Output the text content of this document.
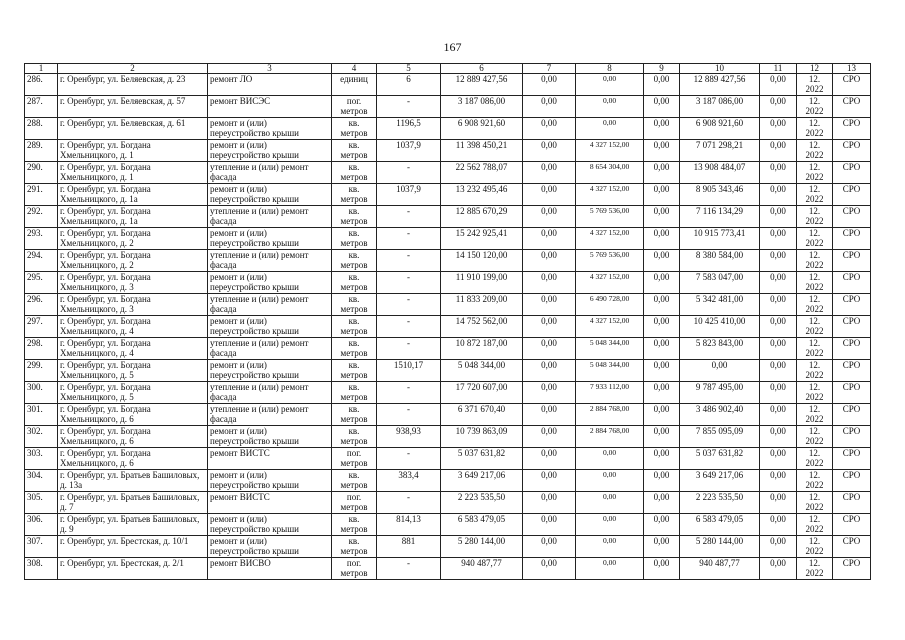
167
1	2	3	4	5	6	7	8	9	10	11	12	13
286.	г. Оренбург, ул. Беляевская, д. 23	ремонт ЛО	единиц	6	12 889 427,56	0,00	0,00	0,00	12 889 427,56	0,00	12. 2022	СРО
287.	г. Оренбург, ул. Беляевская, д. 57	ремонт ВИСЭС	пог. метров	-	3 187 086,00	0,00	0,00	0,00	3 187 086,00	0,00	12. 2022	СРО
288.	г. Оренбург, ул. Беляевская, д. 61	ремонт и (или) переустройство крыши	кв. метров	1196,5	6 908 921,60	0,00	0,00	0,00	6 908 921,60	0,00	12. 2022	СРО
289.	г. Оренбург, ул. Богдана Хмельницкого, д. 1	ремонт и (или) переустройство крыши	кв. метров	1037,9	11 398 450,21	0,00	4 327 152,00	0,00	7 071 298,21	0,00	12. 2022	СРО
290.	г. Оренбург, ул. Богдана Хмельницкого, д. 1	утепление и (или) ремонт фасада	кв. метров	-	22 562 788,07	0,00	8 654 304,00	0,00	13 908 484,07	0,00	12. 2022	СРО
291.	г. Оренбург, ул. Богдана Хмельницкого, д. 1а	ремонт и (или) переустройство крыши	кв. метров	1037,9	13 232 495,46	0,00	4 327 152,00	0,00	8 905 343,46	0,00	12. 2022	СРО
292.	г. Оренбург, ул. Богдана Хмельницкого, д. 1а	утепление и (или) ремонт фасада	кв. метров	-	12 885 670,29	0,00	5 769 536,00	0,00	7 116 134,29	0,00	12. 2022	СРО
293.	г. Оренбург, ул. Богдана Хмельницкого, д. 2	ремонт и (или) переустройство крыши	кв. метров	-	15 242 925,41	0,00	4 327 152,00	0,00	10 915 773,41	0,00	12. 2022	СРО
294.	г. Оренбург, ул. Богдана Хмельницкого, д. 2	утепление и (или) ремонт фасада	кв. метров	-	14 150 120,00	0,00	5 769 536,00	0,00	8 380 584,00	0,00	12. 2022	СРО
295.	г. Оренбург, ул. Богдана Хмельницкого, д. 3	ремонт и (или) переустройство крыши	кв. метров	-	11 910 199,00	0,00	4 327 152,00	0,00	7 583 047,00	0,00	12. 2022	СРО
296.	г. Оренбург, ул. Богдана Хмельницкого, д. 3	утепление и (или) ремонт фасада	кв. метров	-	11 833 209,00	0,00	6 490 728,00	0,00	5 342 481,00	0,00	12. 2022	СРО
297.	г. Оренбург, ул. Богдана Хмельницкого, д. 4	ремонт и (или) переустройство крыши	кв. метров	-	14 752 562,00	0,00	4 327 152,00	0,00	10 425 410,00	0,00	12. 2022	СРО
298.	г. Оренбург, ул. Богдана Хмельницкого, д. 4	утепление и (или) ремонт фасада	кв. метров	-	10 872 187,00	0,00	5 048 344,00	0,00	5 823 843,00	0,00	12. 2022	СРО
299.	г. Оренбург, ул. Богдана Хмельницкого, д. 5	ремонт и (или) переустройство крыши	кв. метров	1510,17	5 048 344,00	0,00	5 048 344,00	0,00	0,00	0,00	12. 2022	СРО
300.	г. Оренбург, ул. Богдана Хмельницкого, д. 5	утепление и (или) ремонт фасада	кв. метров	-	17 720 607,00	0,00	7 933 112,00	0,00	9 787 495,00	0,00	12. 2022	СРО
301.	г. Оренбург, ул. Богдана Хмельницкого, д. 6	утепление и (или) ремонт фасада	кв. метров	-	6 371 670,40	0,00	2 884 768,00	0,00	3 486 902,40	0,00	12. 2022	СРО
302.	г. Оренбург, ул. Богдана Хмельницкого, д. 6	ремонт и (или) переустройство крыши	кв. метров	938,93	10 739 863,09	0,00	2 884 768,00	0,00	7 855 095,09	0,00	12. 2022	СРО
303.	г. Оренбург, ул. Богдана Хмельницкого, д. 6	ремонт ВИСТС	пог. метров	-	5 037 631,82	0,00	0,00	0,00	5 037 631,82	0,00	12. 2022	СРО
304.	г. Оренбург, ул. Братьев Башиловых, д. 13а	ремонт и (или) переустройство крыши	кв. метров	383,4	3 649 217,06	0,00	0,00	0,00	3 649 217,06	0,00	12. 2022	СРО
305.	г. Оренбург, ул. Братьев Башиловых, д. 7	ремонт ВИСТС	пог. метров	-	2 223 535,50	0,00	0,00	0,00	2 223 535,50	0,00	12. 2022	СРО
306.	г. Оренбург, ул. Братьев Башиловых, д. 9	ремонт и (или) переустройство крыши	кв. метров	814,13	6 583 479,05	0,00	0,00	0,00	6 583 479,05	0,00	12. 2022	СРО
307.	г. Оренбург, ул. Брестская, д. 10/1	ремонт и (или) переустройство крыши	кв. метров	881	5 280 144,00	0,00	0,00	0,00	5 280 144,00	0,00	12. 2022	СРО
308.	г. Оренбург, ул. Брестская, д. 2/1	ремонт ВИСВО	пог. метров	-	940 487,77	0,00	0,00	0,00	940 487,77	0,00	12. 2022	СРО
